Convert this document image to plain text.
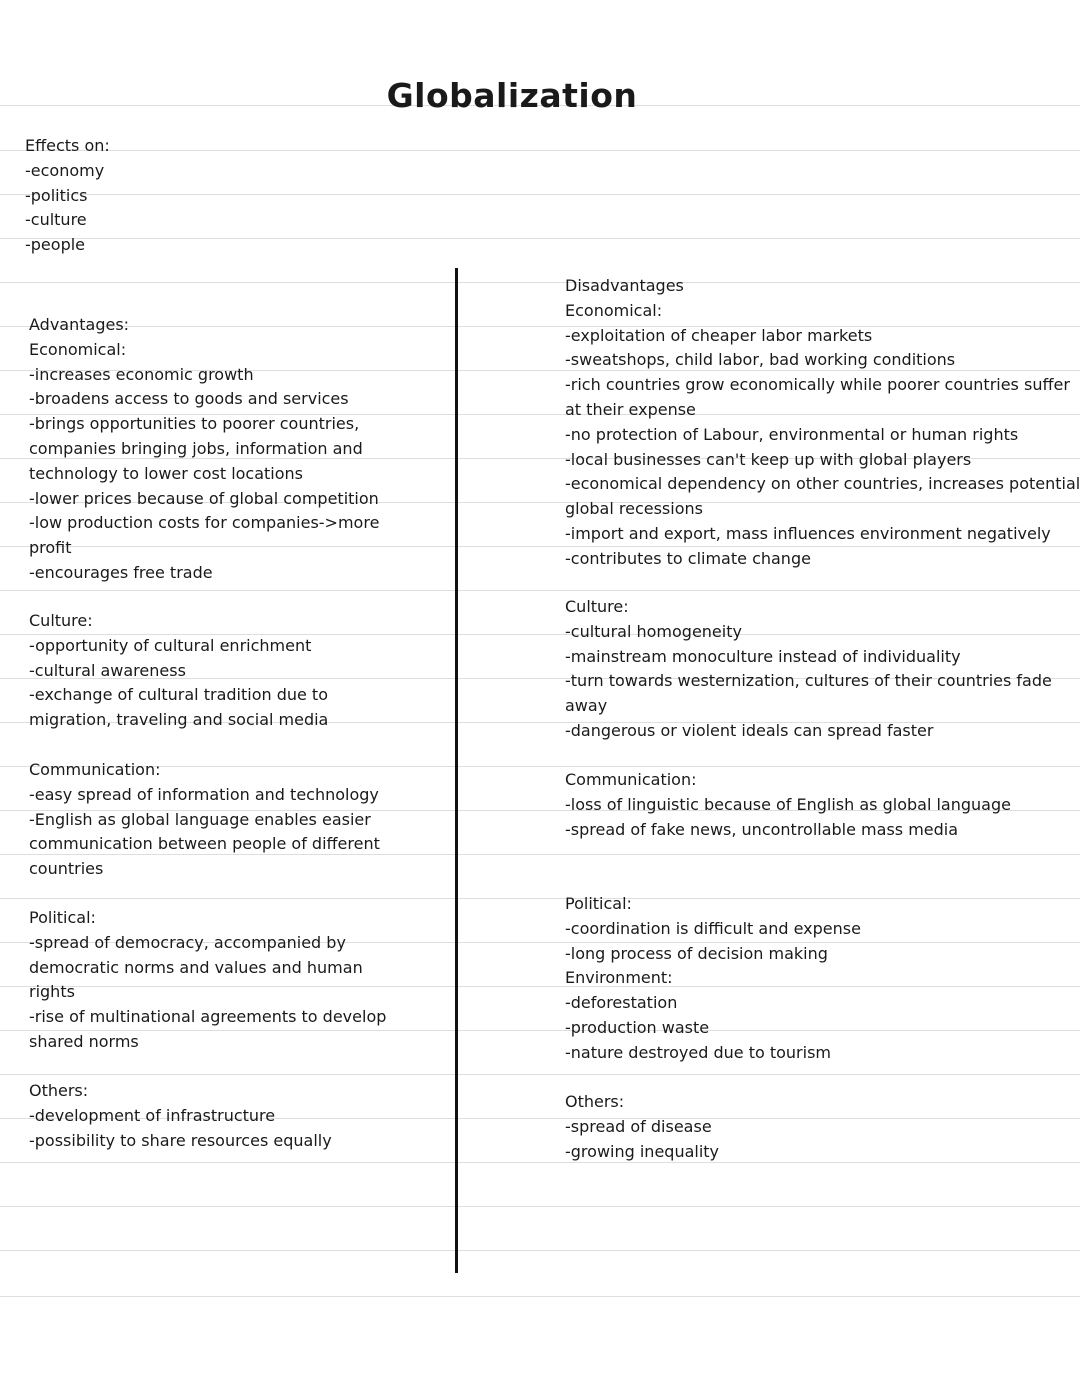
Globalization
Effects on:
-economy
-politics
-culture
-people
Advantages:
Economical:
-increases economic growth
-broadens access to goods and services
-brings opportunities to poorer countries,
companies bringing jobs, information and
technology to lower cost locations
-lower prices because of global competition
-low production costs for companies->more
profit
-encourages free trade
Culture:
-opportunity of cultural enrichment
-cultural awareness
-exchange of cultural tradition due to
migration, traveling and social media
Communication:
-easy spread of information and technology
-English as global language enables easier
communication between people of different
countries
Political:
-spread of democracy, accompanied by
democratic norms and values and human
rights
-rise of multinational agreements to develop
shared norms
Others:
-development of infrastructure
-possibility to share resources equally
Disadvantages
Economical:
-exploitation of cheaper labor markets
-sweatshops, child labor, bad working conditions
-rich countries grow economically while poorer countries suffer
at their expense
-no protection of Labour, environmental or human rights
-local businesses can't keep up with global players
-economical dependency on other countries, increases potential
global recessions
-import and export, mass influences environment negatively
-contributes to climate change
Culture:
-cultural homogeneity
-mainstream monoculture instead of individuality
-turn towards westernization, cultures of their countries fade
away
-dangerous or violent ideals can spread faster
Communication:
-loss of linguistic because of English as global language
-spread of fake news, uncontrollable mass media
Political:
-coordination is difficult and expense
-long process of decision making
Environment:
-deforestation
-production waste
-nature destroyed due to tourism
Others:
-spread of disease
-growing inequality
